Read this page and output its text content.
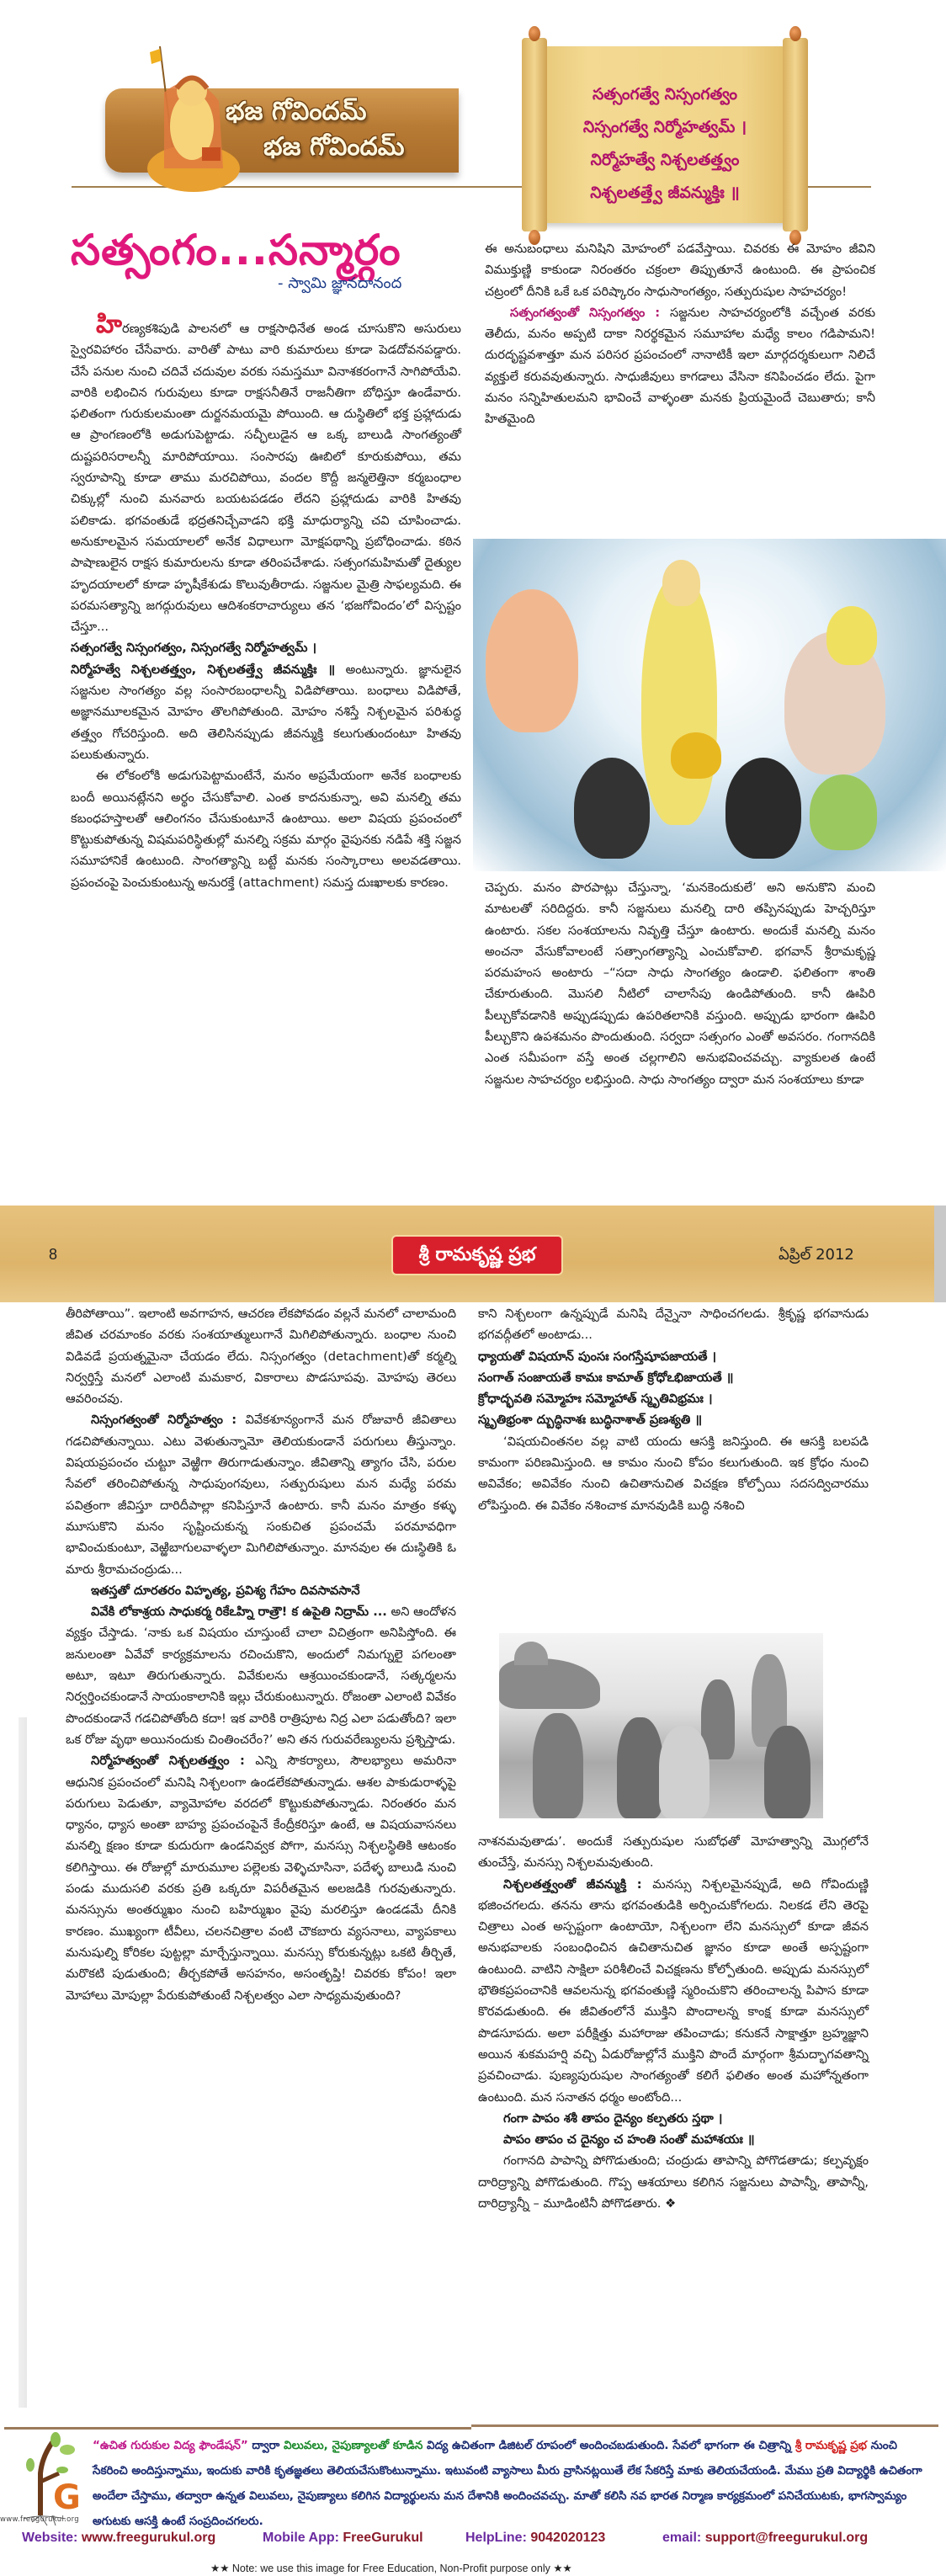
భజ గోవిందమ్
భజ గోవిందమ్
సత్సంగత్వే నిస్సంగత్వం
నిస్సంగత్వే నిర్మోహత్వమ్ ।
నిర్మోహత్వే నిశ్చలతత్త్వం
నిశ్చలతత్త్వే జీవన్ముక్తిః ॥
సత్సంగం...సన్మార్గం
- స్వామి జ్ఞానదానంద

హిరణ్యకశిపుడి పాలనలో ఆ రాక్షసాధినేత అండ చూసుకొని అసురులు స్వైరవిహారం చేసేవారు. వారితో పాటు వారి కుమారులు కూడా పెడదోవనపడ్డారు. చేసే పనుల నుంచి చదివే చదువుల వరకు సమస్తమూ వినాశకరంగానే సాగిపోయేవి. వారికి లభించిన గురువులు కూడా రాక్షసనీతినే రాజనీతిగా బోధిస్తూ ఉండేవారు. ఫలితంగా గురుకులమంతా దుర్జనమయమై పోయింది. ఆ దుస్థితిలో భక్త ప్రహ్లాదుడు ఆ ప్రాంగణంలోకి అడుగుపెట్టాడు. సచ్ఛీలుడైన ఆ ఒక్క బాలుడి సాంగత్యంతో దుష్టపరిసరాలన్నీ మారిపోయాయి. సంసారపు ఊబిలో కూరుకుపోయి, తమ స్వరూపాన్ని కూడా తాము మరచిపోయి, వందల కొద్దీ జన్మలెత్తినా కర్మబంధాల చిక్కుల్లో నుంచి మనవారు బయటపడడం లేదని ప్రహ్లాదుడు వారికి హితవు పలికాడు. భగవంతుడే భద్రతనిచ్చేవాడని భక్తి మాధుర్యాన్ని చవి చూపించాడు. అనుకూలమైన సమయాలలో అనేక విధాలుగా మోక్షపథాన్ని ప్రబోధించాడు. కఠిన పాషాణులైన రాక్షస కుమారులను కూడా తరింపచేశాడు. సత్సంగమహిమతో దైత్యుల హృదయాలలో కూడా హృషీకేశుడు కొలువుతీరాడు. సజ్జనుల మైత్రి సాఫల్యమది. ఈ పరమసత్యాన్ని జగద్గురువులు ఆదిశంకరాచార్యులు తన ‘భజగోవిందం’లో విస్పష్టం చేస్తూ...

సత్సంగత్వే నిస్సంగత్వం, నిస్సంగత్వే నిర్మోహత్వమ్ ।

నిర్మోహత్వే నిశ్చలతత్త్వం, నిశ్చలతత్త్వే జీవన్ముక్తిః ॥ అంటున్నారు. జ్ఞానులైన సజ్జనుల సాంగత్యం వల్ల సంసారబంధాలన్నీ విడిపోతాయి. బంధాలు విడిపోతే, అజ్ఞానమూలకమైన మోహం తొలగిపోతుంది. మోహం నశిస్తే నిశ్చలమైన పరిశుద్ధ తత్త్వం గోచరిస్తుంది. అది తెలిసినప్పుడు జీవన్ముక్తి కలుగుతుందంటూ హితవు పలుకుతున్నారు.

ఈ లోకంలోకి అడుగుపెట్టామంటేనే, మనం అప్రమేయంగా అనేక బంధాలకు బందీ అయినట్లేనని అర్థం చేసుకోవాలి. ఎంత కాదనుకున్నా, అవి మనల్ని తమ కబంధహస్తాలతో ఆలింగనం చేసుకుంటూనే ఉంటాయి. అలా విషయ ప్రపంచంలో కొట్టుకుపోతున్న విషమపరిస్థితుల్లో మనల్ని సక్రమ మార్గం వైపునకు నడిపే శక్తి సజ్జన సమూహానికే ఉంటుంది. సాంగత్యాన్ని బట్టే మనకు సంస్కారాలు అలవడతాయి. ప్రపంచంపై పెంచుకుంటున్న అనురక్తే (attachment) సమస్త దుఃఖాలకు కారణం.

ఈ అనుబంధాలు మనిషిని మోహంలో పడవేస్తాయి. చివరకు ఈ మోహం జీవిని విముక్తుణ్ణి కాకుండా నిరంతరం చక్రంలా తిప్పుతూనే ఉంటుంది. ఈ ప్రాపంచిక చట్రంలో దీనికి ఒకే ఒక పరిష్కారం సాధుసాంగత్యం, సత్పురుషుల సాహచర్యం!

సత్సంగత్వంతో నిస్సంగత్వం : సజ్జనుల సాహచర్యంలోకి వచ్చేంత వరకు తెలీదు, మనం అప్పటి దాకా నిరర్థకమైన సమూహాల మధ్యే కాలం గడిపామని! దురదృష్టవశాత్తూ మన పరిసర ప్రపంచంలో నానాటికీ ఇలా మార్గదర్శకులుగా నిలిచే వ్యక్తులే కరువవుతున్నారు. సాధుజీవులు కాగడాలు వేసినా కనిపించడం లేదు. పైగా మనం సన్నిహితులమని భావించే వాళ్ళంతా మనకు ప్రియమైందే చెబుతారు; కానీ హితమైంది

చెప్పరు. మనం పొరపాట్లు చేస్తున్నా, ‘మనకెందుకులే’ అని అనుకొని మంచి మాటలతో సరిదిద్దరు. కానీ సజ్జనులు మనల్ని దారి తప్పినప్పుడు హెచ్చరిస్తూ ఉంటారు. సకల సంశయాలను నివృత్తి చేస్తూ ఉంటారు. అందుకే మనల్ని మనం అంచనా వేసుకోవాలంటే సత్సాంగత్యాన్ని ఎంచుకోవాలి. భగవాన్ శ్రీరామకృష్ణ పరమహంస అంటారు –“సదా సాధు సాంగత్యం ఉండాలి. ఫలితంగా శాంతి చేకూరుతుంది. మొసలి నీటిలో చాలాసేపు ఉండిపోతుంది. కానీ ఊపిరి పీల్చుకోవడానికి అప్పుడప్పుడు ఉపరితలానికి వస్తుంది. అప్పుడు భారంగా ఊపిరి పీల్చుకొని ఉపశమనం పొందుతుంది. సర్వదా సత్సంగం ఎంతో అవసరం. గంగానదికి ఎంత సమీపంగా వస్తే అంత చల్లగాలిని అనుభవించవచ్చు. వ్యాకులత ఉంటే సజ్జనుల సాహచర్యం లభిస్తుంది. సాధు సాంగత్యం ద్వారా మన సంశయాలు కూడా

8	శ్రీ రామకృష్ణ ప్రభ	ఏప్రిల్ 2012

తీరిపోతాయి”. ఇలాంటి అవగాహన, ఆచరణ లేకపోవడం వల్లనే మనలో చాలామంది జీవిత చరమాంకం వరకు సంశయాత్ములుగానే మిగిలిపోతున్నారు. బంధాల నుంచి విడివడే ప్రయత్నమైనా చేయడం లేదు. నిస్సంగత్వం (detachment)తో కర్మల్ని నిర్వర్తిస్తే మనలో ఎలాంటి మమకార, వికారాలు పొడసూపవు. మోహపు తెరలు ఆవరించవు.

నిస్సంగత్వంతో నిర్మోహత్వం : వివేకశూన్యంగానే మన రోజువారీ జీవితాలు గడచిపోతున్నాయి. ఎటు వెళుతున్నామో తెలియకుండానే పరుగులు తీస్తున్నాం. విషయప్రపంచం చుట్టూ వెఱ్ఱిగా తిరుగాడుతున్నాం. జీవితాన్ని త్యాగం చేసి, పరుల సేవలో తరించిపోతున్న సాధుపుంగవులు, సత్పురుషులు మన మధ్యే పరమ పవిత్రంగా జీవిస్తూ దారిదీపాల్లా కనిపిస్తూనే ఉంటారు. కానీ మనం మాత్రం కళ్ళు మూసుకొని మనం సృష్టించుకున్న సంకుచిత ప్రపంచమే పరమావధిగా భావించుకుంటూ, వెఱ్ఱిబాగులవాళ్ళలా మిగిలిపోతున్నాం. మానవుల ఈ దుఃస్థితికి ఓ మారు శ్రీరామచంద్రుడు...

ఇతస్తతో దూరతరం విహృత్య, ప్రవిశ్య గేహం దివసావసానే

వివేకి లోకాశ్రయ సాధుకర్మ రికేఽహ్ని రాత్రౌ! క ఉపైతి నిద్రామ్ ... అని ఆందోళన వ్యక్తం చేస్తాడు. ‘నాకు ఒక విషయం చూస్తుంటే చాలా విచిత్రంగా అనిపిస్తోంది. ఈ జనులంతా ఏవేవో కార్యక్రమాలను రచించుకొని, అందులో నిమగ్నులై పగలంతా అటూ, ఇటూ తిరుగుతున్నారు. వివేకులను ఆశ్రయించకుండానే, సత్కర్మలను నిర్వర్తించకుండానే సాయంకాలానికి ఇల్లు చేరుకుంటున్నారు. రోజంతా ఎలాంటి వివేకం పొందకుండానే గడచిపోతోంది కదా! ఇక వారికి రాత్రిపూట నిద్ర ఎలా పడుతోంది? ఇలా ఒక రోజు వృథా అయినందుకు చింతించరేం?’ అని తన గురువరేణ్యులను ప్రశ్నిస్తాడు.

నిర్మోహత్వంతో నిశ్చలతత్త్వం : ఎన్ని సౌకర్యాలు, సౌలభ్యాలు అమరినా ఆధునిక ప్రపంచంలో మనిషి నిశ్చలంగా ఉండలేకపోతున్నాడు. ఆశల పాకుడురాళ్ళపై పరుగులు పెడుతూ, వ్యామోహాల వరదలో కొట్టుకుపోతున్నాడు. నిరంతరం మన ధ్యానం, ధ్యాస అంతా బాహ్య ప్రపంచంపైనే కేంద్రీకరిస్తూ ఉంటే, ఆ విషయవాసనలు మనల్ని క్షణం కూడా కుదురుగా ఉండనివ్వక పోగా, మనస్సు నిశ్చలస్థితికి ఆటంకం కలిగిస్తాయి. ఈ రోజుల్లో మారుమూల పల్లెలకు వెళ్ళిచూసినా, పదేళ్ళ బాలుడి నుంచి పండు ముదుసలి వరకు ప్రతి ఒక్కరూ విపరీతమైన అలజడికి గురవుతున్నారు. మనస్సును అంతర్ముఖం నుంచి బహిర్ముఖం వైపు మరలిస్తూ ఉండడమే దీనికి కారణం. ముఖ్యంగా టీవీలు, చలనచిత్రాల వంటి చౌకబారు వ్యసనాలు, వ్యాపకాలు మనుషుల్ని కోరికల పుట్టల్లా మార్చేస్తున్నాయి. మనస్సు కోరుకున్నట్లు ఒకటి తీర్చితే, మరొకటి పుడుతుంది; తీర్చకపోతే అసహనం, అసంతృప్తి! చివరకు కోపం! ఇలా మోహాలు మోపుల్లా పేరుకుపోతుంటే నిశ్చలత్వం ఎలా సాధ్యమవుతుంది?

కాని నిశ్చలంగా ఉన్నప్పుడే మనిషి దేన్నైనా సాధించగలడు. శ్రీకృష్ణ భగవానుడు భగవద్గీతలో అంటాడు...

ధ్యాయతో విషయాన్ పుంసః సంగస్తేషూపజాయతే ।

సంగాత్ సంజాయతే కామః కామాత్ క్రోధోఽభిజాయతే ॥

క్రోధాద్భవతి సమ్మోహః సమ్మోహాత్ స్మృతివిభ్రమః ।

స్మృతిభ్రంశా ద్బుద్ధినాశః బుద్ధినాశాత్ ప్రణశ్యతి ॥

‘విషయచింతనల వల్ల వాటి యందు ఆసక్తి జనిస్తుంది. ఈ ఆసక్తి బలపడి కామంగా పరిణమిస్తుంది. ఆ కామం నుంచి కోపం కలుగుతుంది. ఇక క్రోధం నుంచి అవివేకం; అవివేకం నుంచి ఉచితానుచిత విచక్షణ కోల్పోయి సదసద్విచారము లోపిస్తుంది. ఈ వివేకం నశించాక మానవుడికి బుద్ధి నశించి

నాశనమవుతాడు’. అందుకే సత్పురుషుల సుబోధతో మోహత్వాన్ని మొగ్గలోనే తుంచేస్తే, మనస్సు నిశ్చలమవుతుంది.

నిశ్చలతత్త్వంతో జీవన్ముక్తి : మనస్సు నిశ్చలమైనప్పుడే, అది గోవిందుణ్ణి భజించగలదు. తనను తాను భగవంతుడికి అర్పించుకోగలదు. నిలకడ లేని తెరపై చిత్రాలు ఎంత అస్పష్టంగా ఉంటాయో, నిశ్చలంగా లేని మనస్సులో కూడా జీవన అనుభవాలకు సంబంధించిన ఉచితానుచిత జ్ఞానం కూడా అంతే అస్పష్టంగా ఉంటుంది. వాటిని సాక్షిలా పరిశీలించే విచక్షణను కోల్పోతుంది. అప్పుడు మనస్సులో భౌతికప్రపంచానికి ఆవలనున్న భగవంతుణ్ణి స్మరించుకొని తరించాలన్న పిపాస కూడా కొరవడుతుంది. ఈ జీవితంలోనే ముక్తిని పొందాలన్న కాంక్ష కూడా మనస్సులో పొడసూపదు. అలా పరీక్షిత్తు మహారాజు తపించాడు; కనుకనే సాక్షాత్తూ బ్రహ్మజ్ఞాని అయిన శుకమహర్షి వచ్చి ఏడురోజుల్లోనే ముక్తిని పొందే మార్గంగా శ్రీమద్భాగవతాన్ని ప్రవచించాడు. పుణ్యపురుషుల సాంగత్యంతో కలిగే ఫలితం అంత మహోన్నతంగా ఉంటుంది. మన సనాతన ధర్మం అంటోంది...

గంగా పాపం శశీ తాపం దైన్యం కల్పతరు స్తథా ।

పాపం తాపం చ దైన్యం చ హంతి సంతో మహాశయః ॥

గంగానది పాపాన్ని పోగొడుతుంది; చంద్రుడు తాపాన్ని పోగొడతాడు; కల్పవృక్షం దారిద్ర్యాన్ని పోగొడుతుంది. గొప్ప ఆశయాలు కలిగిన సజ్జనులు పాపాన్నీ, తాపాన్నీ, దారిద్ర్యాన్నీ – మూడింటినీ పోగొడతారు. ❖

G
www.freegurukul.org
“ఉచిత గురుకుల విద్య ఫౌండేషన్” ద్వారా విలువలు, నైపుణ్యాలతో కూడిన విద్య ఉచితంగా డిజిటల్ రూపంలో అందించబడుతుంది. సేవలో భాగంగా ఈ చిత్రాన్ని శ్రీ రామకృష్ణ ప్రభ నుంచి సేకరించి అందిస్తున్నాము, ఇందుకు వారికి కృతజ్ఞతలు తెలియచేసుకొంటున్నాము. ఇటువంటి వ్యాసాలు మీరు వ్రాసినట్లయితే లేక సేకరిస్తే మాకు తెలియచేయండి. మేము ప్రతి విద్యార్థికి ఉచితంగా అందేలా చేస్తాము, తద్వారా ఉన్నత విలువలు, నైపుణ్యాలు కలిగిన విద్యార్థులను మన దేశానికి అందించవచ్చు. మాతో కలిసి నవ భారత నిర్మాణ కార్యక్రమంలో పనిచేయుటకు, భాగస్వామ్యం అగుటకు ఆసక్తి ఉంటే సంప్రదించగలరు.
Website: www.freegurukul.org	Mobile App: FreeGurukul	HelpLine: 9042020123	email: support@freegurukul.org
★★ Note: we use this image for Free Education, Non-Profit purpose only ★★
